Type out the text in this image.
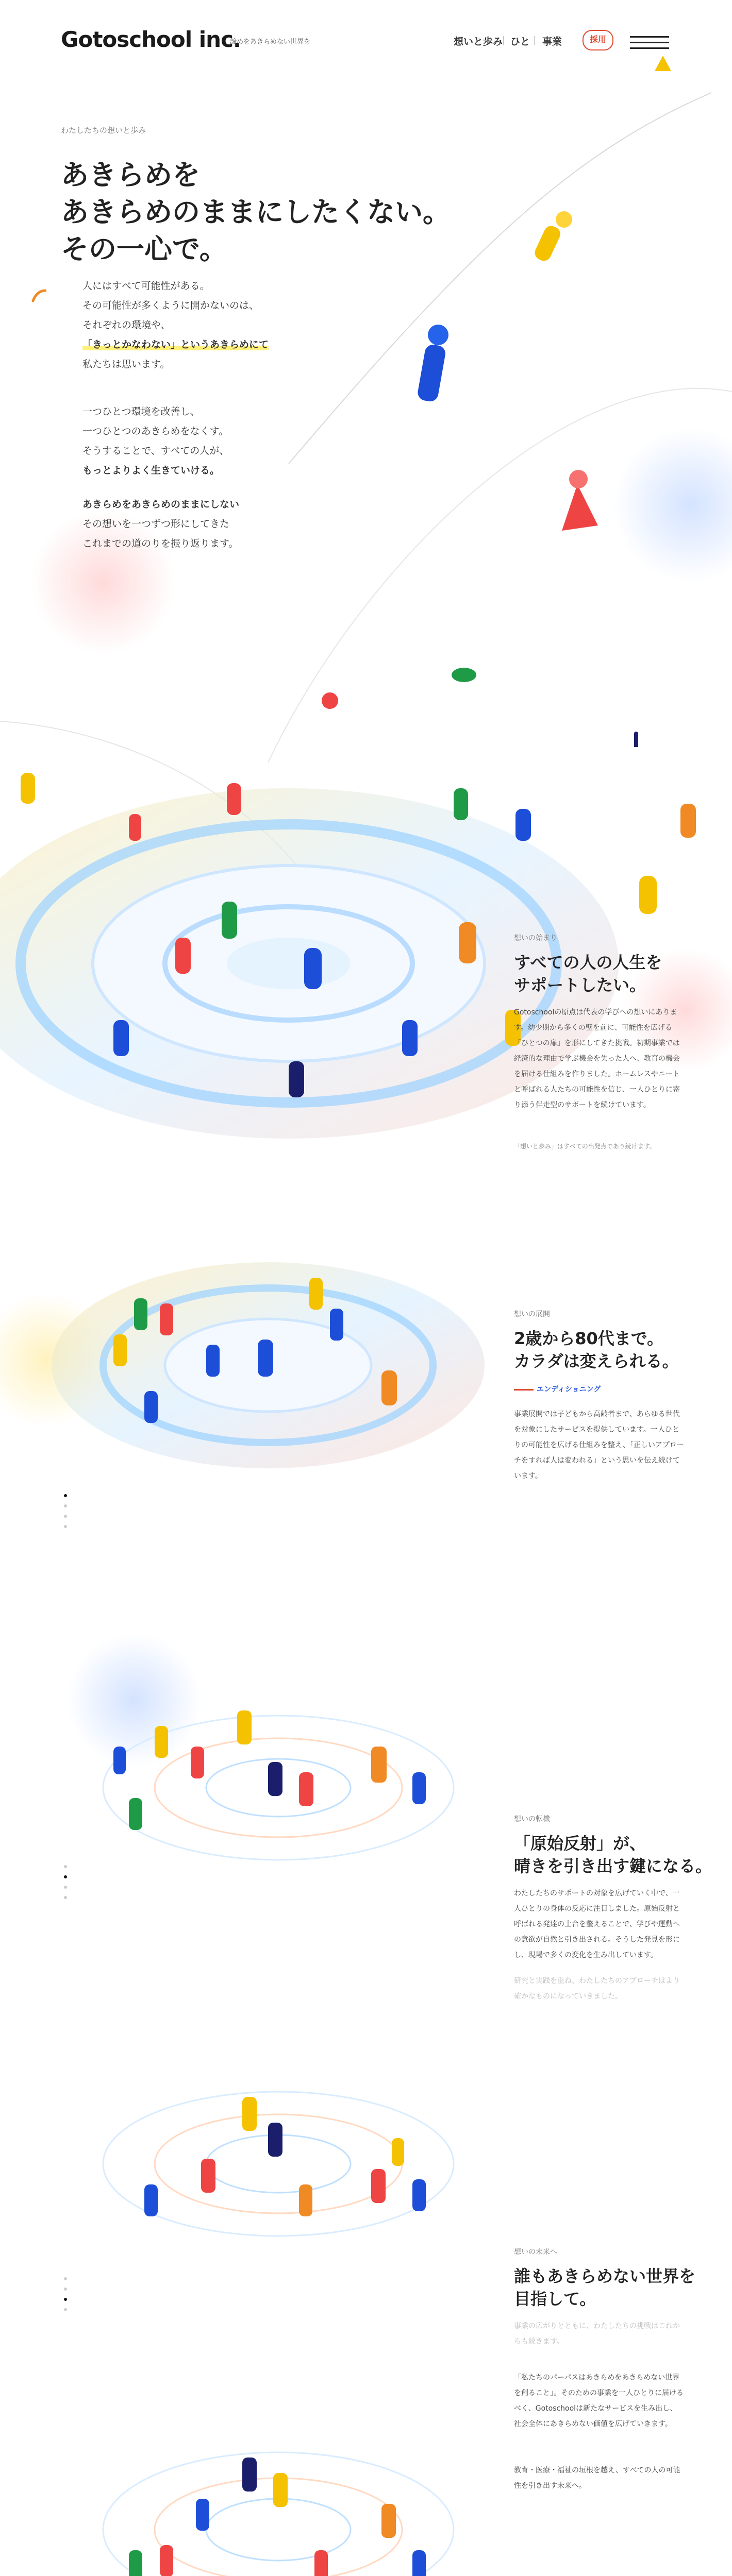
Gotoschool inc.
諦めをあきらめない世界を	想いと歩み ひと 事業	採用
わたしたちの想いと歩み
あきらめを
あきらめのままにしたくない。
その一心で。
人にはすべて可能性がある。
その可能性が多くように開かないのは、
それぞれの環境や、
「きっとかなわない」というあきらめにて
私たちは思います。
一つひとつ環境を改善し、
一つひとつのあきらめをなくす。
そうすることで、すべての人が、
もっとよりよく生きていける。
あきらめをあきらめのままにしない
その想いを一つずつ形にしてきた
これまでの道のりを振り返ります。
想いの始まり
すべての人の人生を
サポートしたい。

Gotoschoolの原点は代表の学びへの想いにあります。幼少期から多くの壁を前に、可能性を広げる「ひとつの扉」を形にしてきた挑戦。初期事業では経済的な理由で学ぶ機会を失った人へ、教育の機会を届ける仕組みを作りました。ホームレスやニートと呼ばれる人たちの可能性を信じ、一人ひとりに寄り添う伴走型のサポートを続けています。

「想いと歩み」はすべての出発点であり続けます。

想いの展開
2歳から80代まで。
カラダは変えられる。
エンディショニング

事業展開では子どもから高齢者まで、あらゆる世代を対象にしたサービスを提供しています。一人ひとりの可能性を広げる仕組みを整え、「正しいアプローチをすれば人は変われる」という思いを伝え続けています。

想いの転機
「原始反射」が、
晴きを引き出す鍵になる。

わたしたちのサポートの対象を広げていく中で、一人ひとりの身体の反応に注目しました。原始反射と呼ばれる発達の土台を整えることで、学びや運動への意欲が自然と引き出される。そうした発見を形にし、現場で多くの変化を生み出しています。

研究と実践を重ね、わたしたちのアプローチはより確かなものになっていきました。

想いの未来へ
誰もあきらめない世界を
目指して。

事業の広がりとともに、わたしたちの挑戦はこれからも続きます。

「私たちのパーパスはあきらめをあきらめない世界を創ること」。そのための事業を一人ひとりに届けるべく、Gotoschoolは新たなサービスを生み出し、社会全体にあきらめない価値を広げていきます。

教育・医療・福祉の垣根を越え、すべての人の可能性を引き出す未来へ。
